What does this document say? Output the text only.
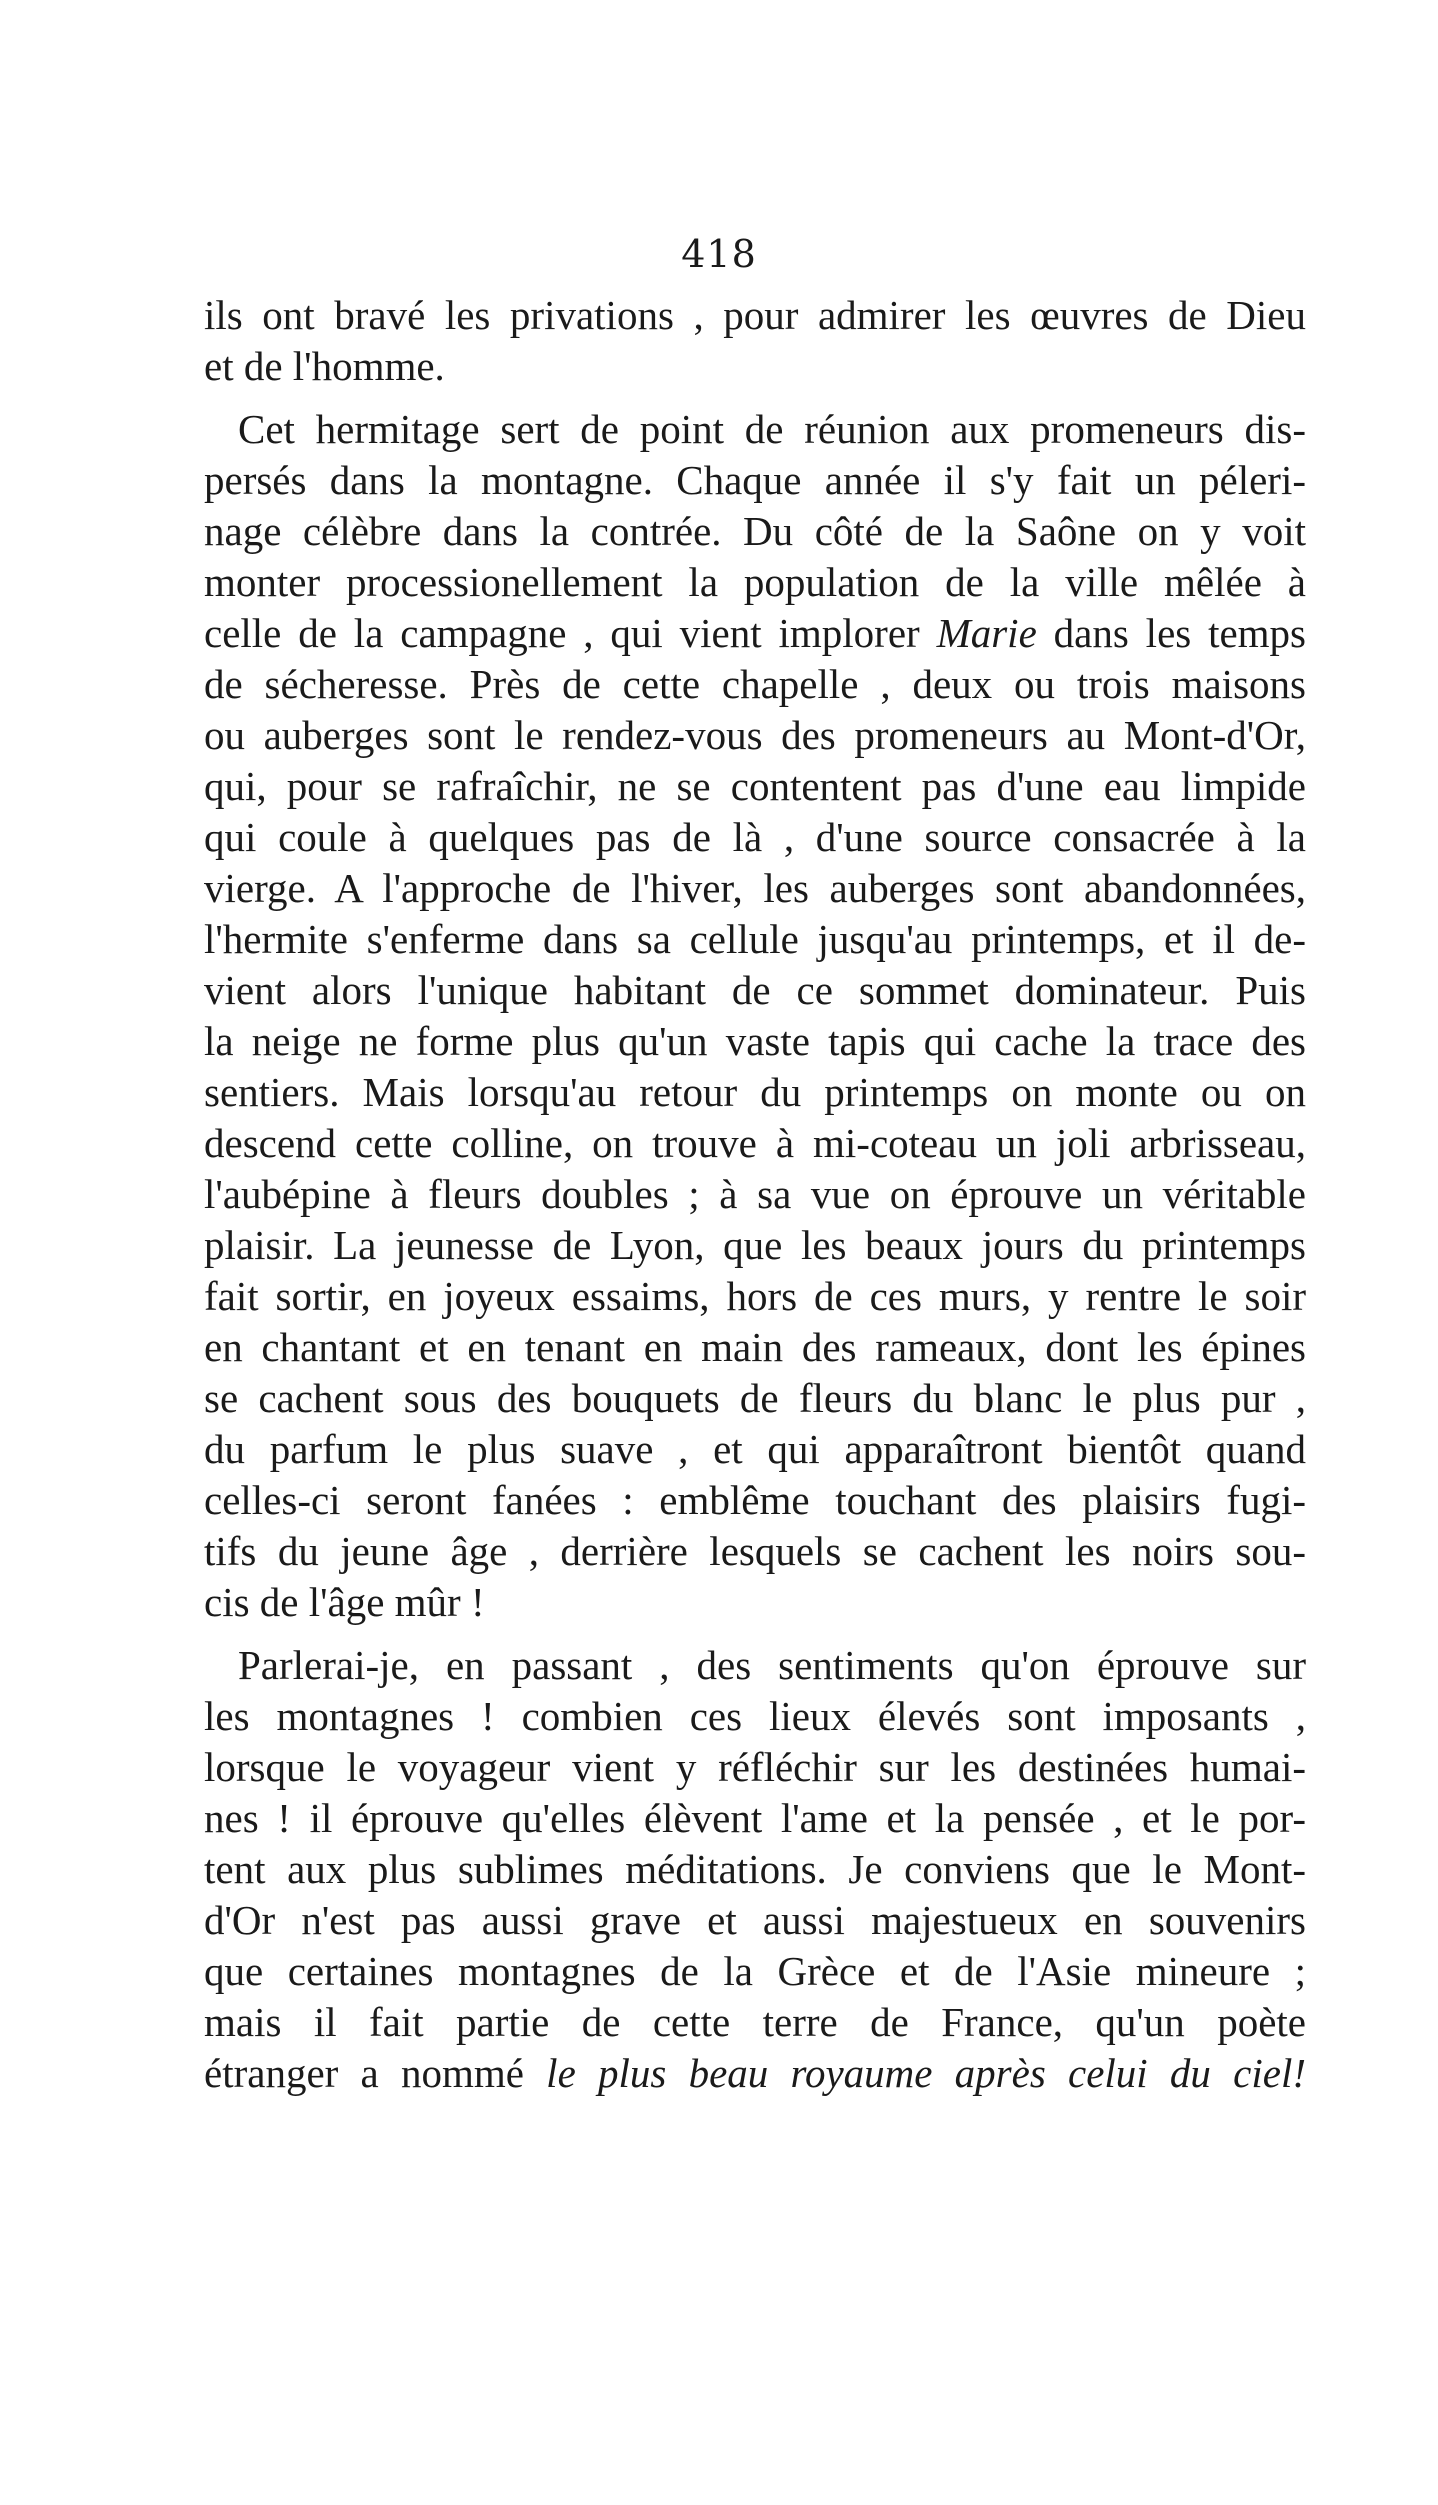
418
ils ont bravé les privations , pour admirer les œuvres de Dieu
et de l'homme.
Cet hermitage sert de point de réunion aux promeneurs dis-
persés dans la montagne. Chaque année il s'y fait un péleri-
nage célèbre dans la contrée. Du côté de la Saône on y voit
monter processionellement la population de la ville mêlée à
celle de la campagne , qui vient implorer Marie dans les temps
de sécheresse. Près de cette chapelle , deux ou trois maisons
ou auberges sont le rendez-vous des promeneurs au Mont-d'Or,
qui, pour se rafraîchir, ne se contentent pas d'une eau limpide
qui coule à quelques pas de là , d'une source consacrée à la
vierge. A l'approche de l'hiver, les auberges sont abandonnées,
l'hermite s'enferme dans sa cellule jusqu'au printemps, et il de-
vient alors l'unique habitant de ce sommet dominateur. Puis
la neige ne forme plus qu'un vaste tapis qui cache la trace des
sentiers. Mais lorsqu'au retour du printemps on monte ou on
descend cette colline, on trouve à mi-coteau un joli arbrisseau,
l'aubépine à fleurs doubles ; à sa vue on éprouve un véritable
plaisir. La jeunesse de Lyon, que les beaux jours du printemps
fait sortir, en joyeux essaims, hors de ces murs, y rentre le soir
en chantant et en tenant en main des rameaux, dont les épines
se cachent sous des bouquets de fleurs du blanc le plus pur ,
du parfum le plus suave , et qui apparaîtront bientôt quand
celles-ci seront fanées : emblême touchant des plaisirs fugi-
tifs du jeune âge , derrière lesquels se cachent les noirs sou-
cis de l'âge mûr !
Parlerai-je, en passant , des sentiments qu'on éprouve sur
les montagnes ! combien ces lieux élevés sont imposants ,
lorsque le voyageur vient y réfléchir sur les destinées humai-
nes ! il éprouve qu'elles élèvent l'ame et la pensée , et le por-
tent aux plus sublimes méditations. Je conviens que le Mont-
d'Or n'est pas aussi grave et aussi majestueux en souvenirs
que certaines montagnes de la Grèce et de l'Asie mineure ;
mais il fait partie de cette terre de France, qu'un poète
étranger a nommé le plus beau royaume après celui du ciel!
